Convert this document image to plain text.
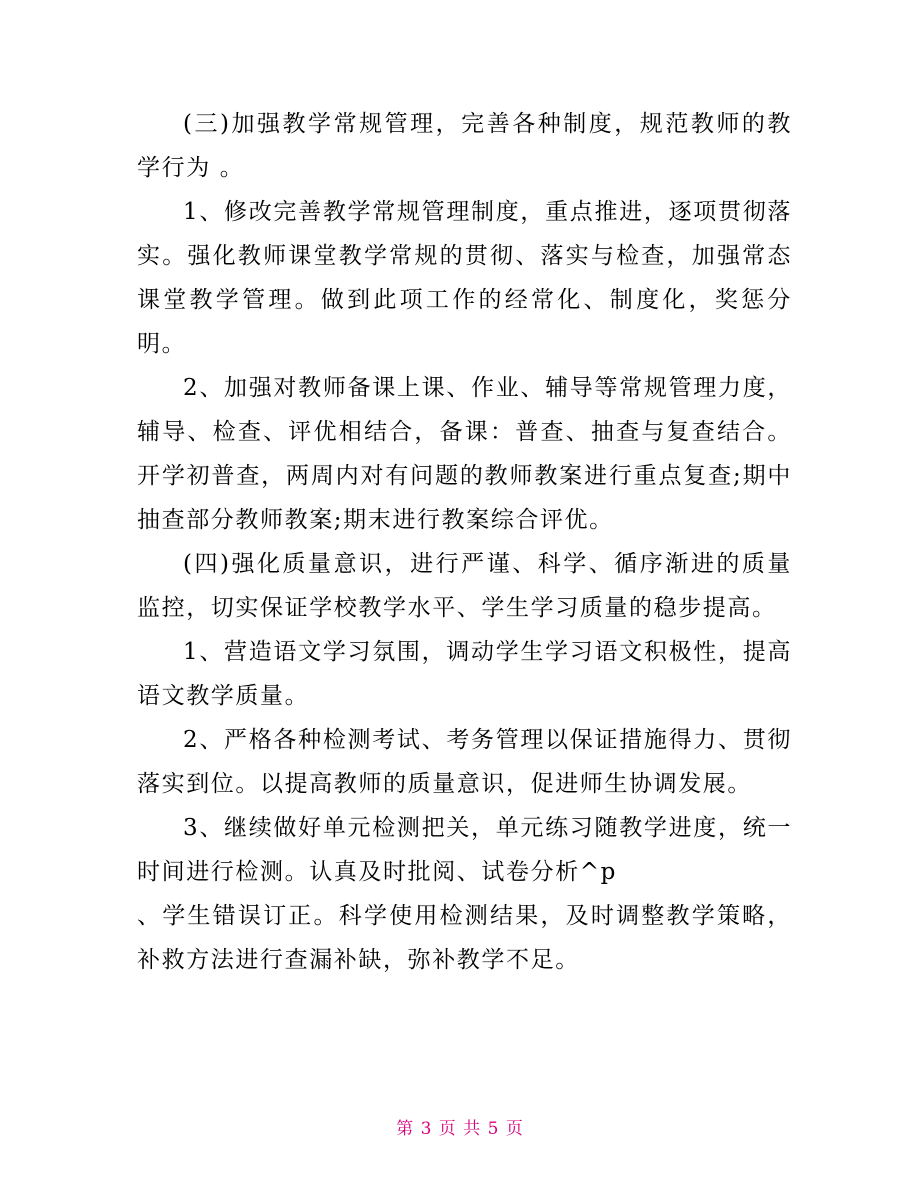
(三)加强教学常规管理，完善各种制度，规范教师的教学行为 。

1、修改完善教学常规管理制度，重点推进，逐项贯彻落实。强化教师课堂教学常规的贯彻、落实与检查，加强常态课堂教学管理。做到此项工作的经常化、制度化，奖惩分明。

2、加强对教师备课上课、作业、辅导等常规管理力度，辅导、检查、评优相结合，备课：普查、抽查与复查结合。开学初普查，两周内对有问题的教师教案进行重点复查;期中抽查部分教师教案;期末进行教案综合评优。

(四)强化质量意识，进行严谨、科学、循序渐进的质量监控，切实保证学校教学水平、学生学习质量的稳步提高。

1、营造语文学习氛围，调动学生学习语文积极性，提高语文教学质量。

2、严格各种检测考试、考务管理以保证措施得力、贯彻落实到位。以提高教师的质量意识，促进师生协调发展。

3、继续做好单元检测把关，单元练习随教学进度，统一时间进行检测。认真及时批阅、试卷分析^p

、学生错误订正。科学使用检测结果，及时调整教学策略，补救方法进行查漏补缺，弥补教学不足。

第 3 页 共 5 页
